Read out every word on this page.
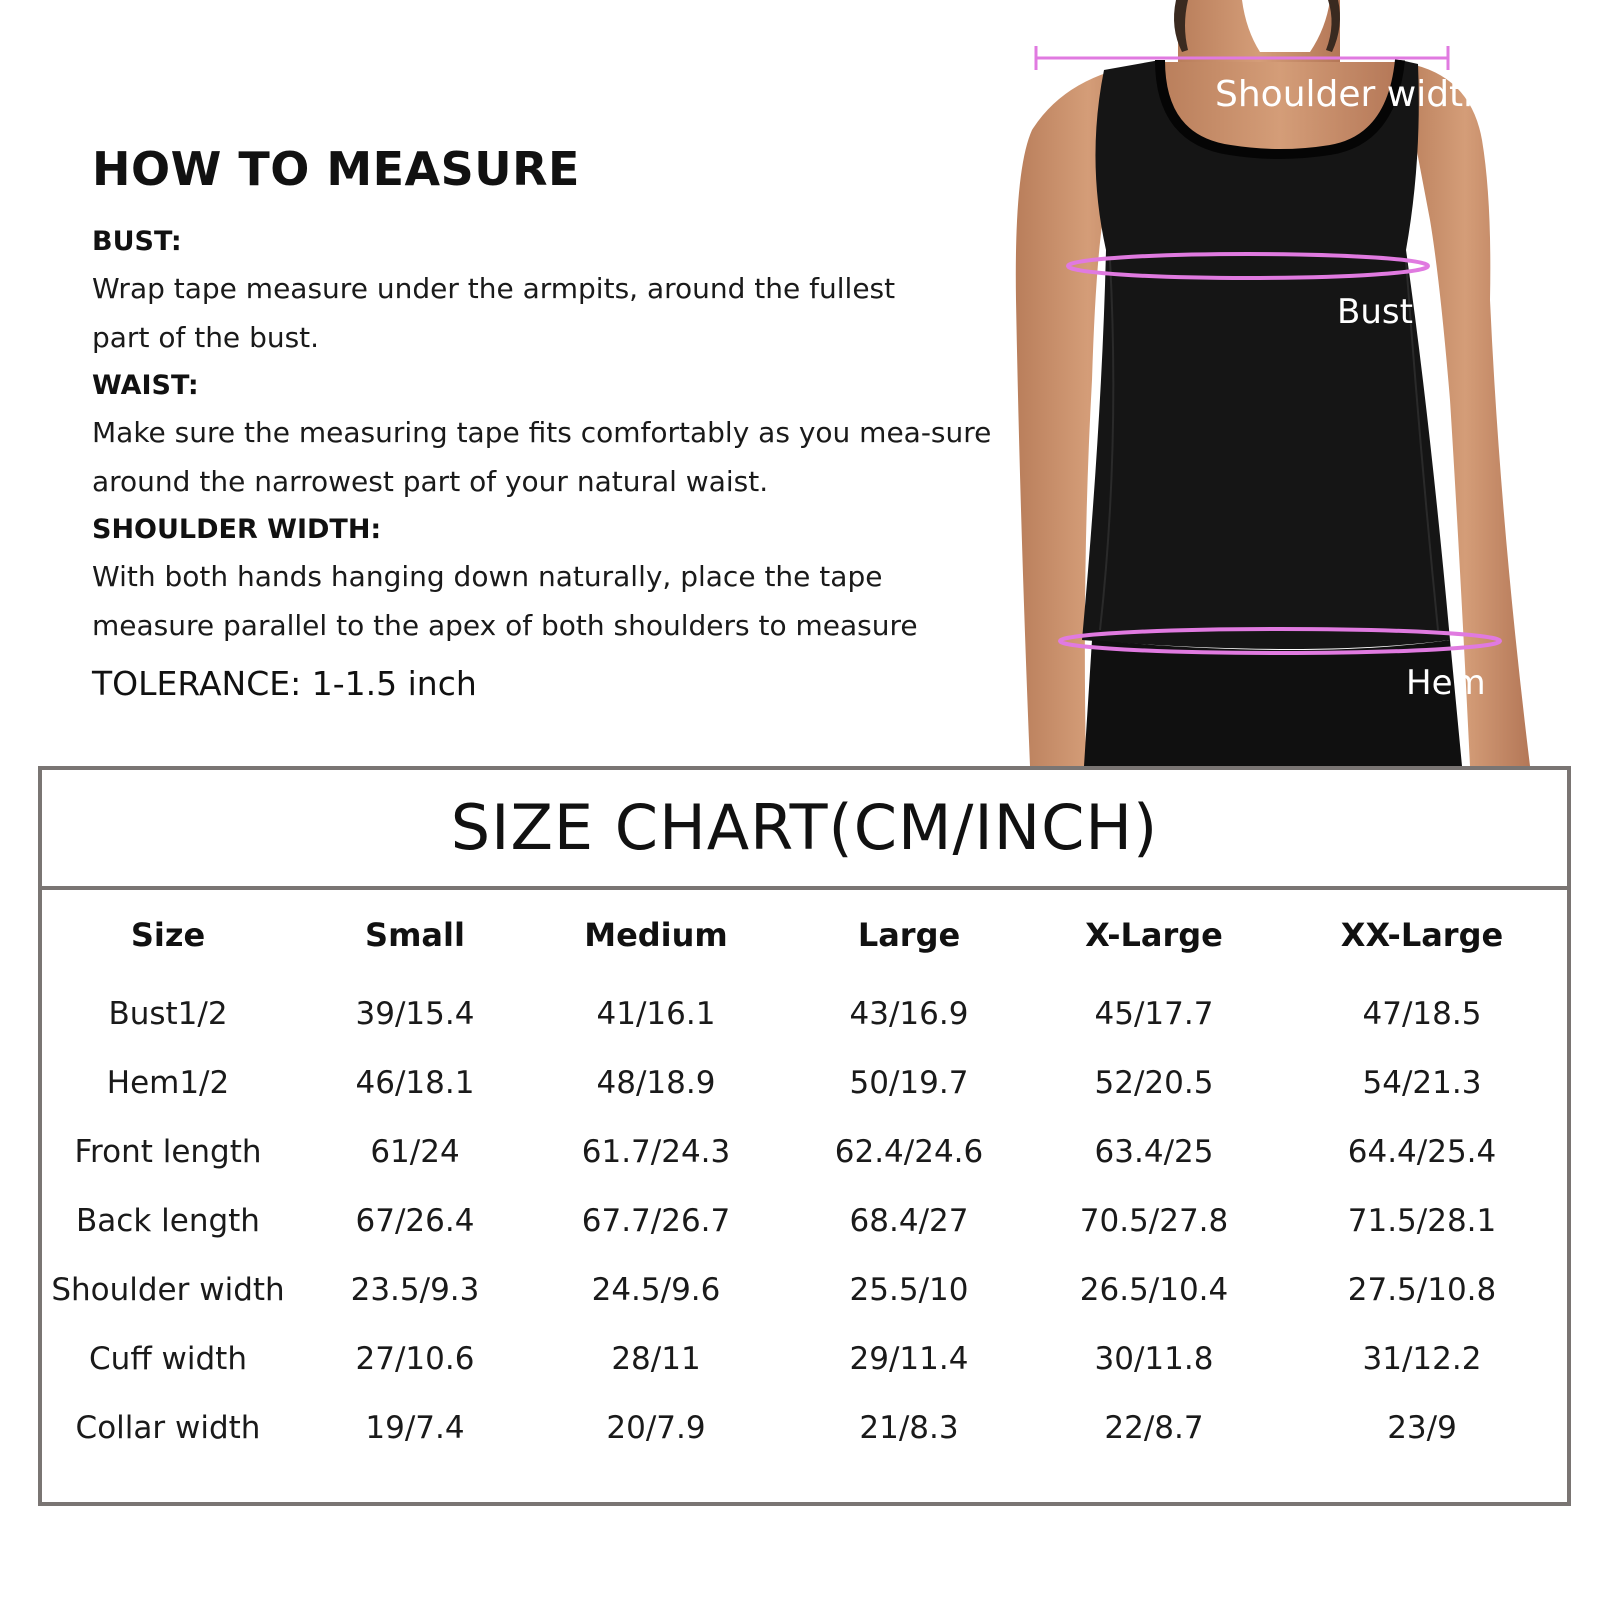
HOW TO MEASURE

BUST:

Wrap tape measure under the armpits, around the fullest
part of the bust.

WAIST:

Make sure the measuring tape fits comfortably as you mea-sure
around the narrowest part of your natural waist.

SHOULDER WIDTH:

With both hands hanging down naturally, place the tape
measure parallel to the apex of both shoulders to measure

TOLERANCE: 1-1.5 inch
Shoulder width
Bust
Hem
SIZE CHART(CM/INCH)
Size	Small	Medium	Large	X-Large	XX-Large
Bust1/2	39/15.4	41/16.1	43/16.9	45/17.7	47/18.5
Hem1/2	46/18.1	48/18.9	50/19.7	52/20.5	54/21.3
Front length	61/24	61.7/24.3	62.4/24.6	63.4/25	64.4/25.4
Back length	67/26.4	67.7/26.7	68.4/27	70.5/27.8	71.5/28.1
Shoulder width 23.5/9.3	24.5/9.6	25.5/10	26.5/10.4	27.5/10.8
Cuff width	27/10.6	28/11	29/11.4	30/11.8	31/12.2
Collar width	19/7.4	20/7.9	21/8.3	22/8.7	23/9
